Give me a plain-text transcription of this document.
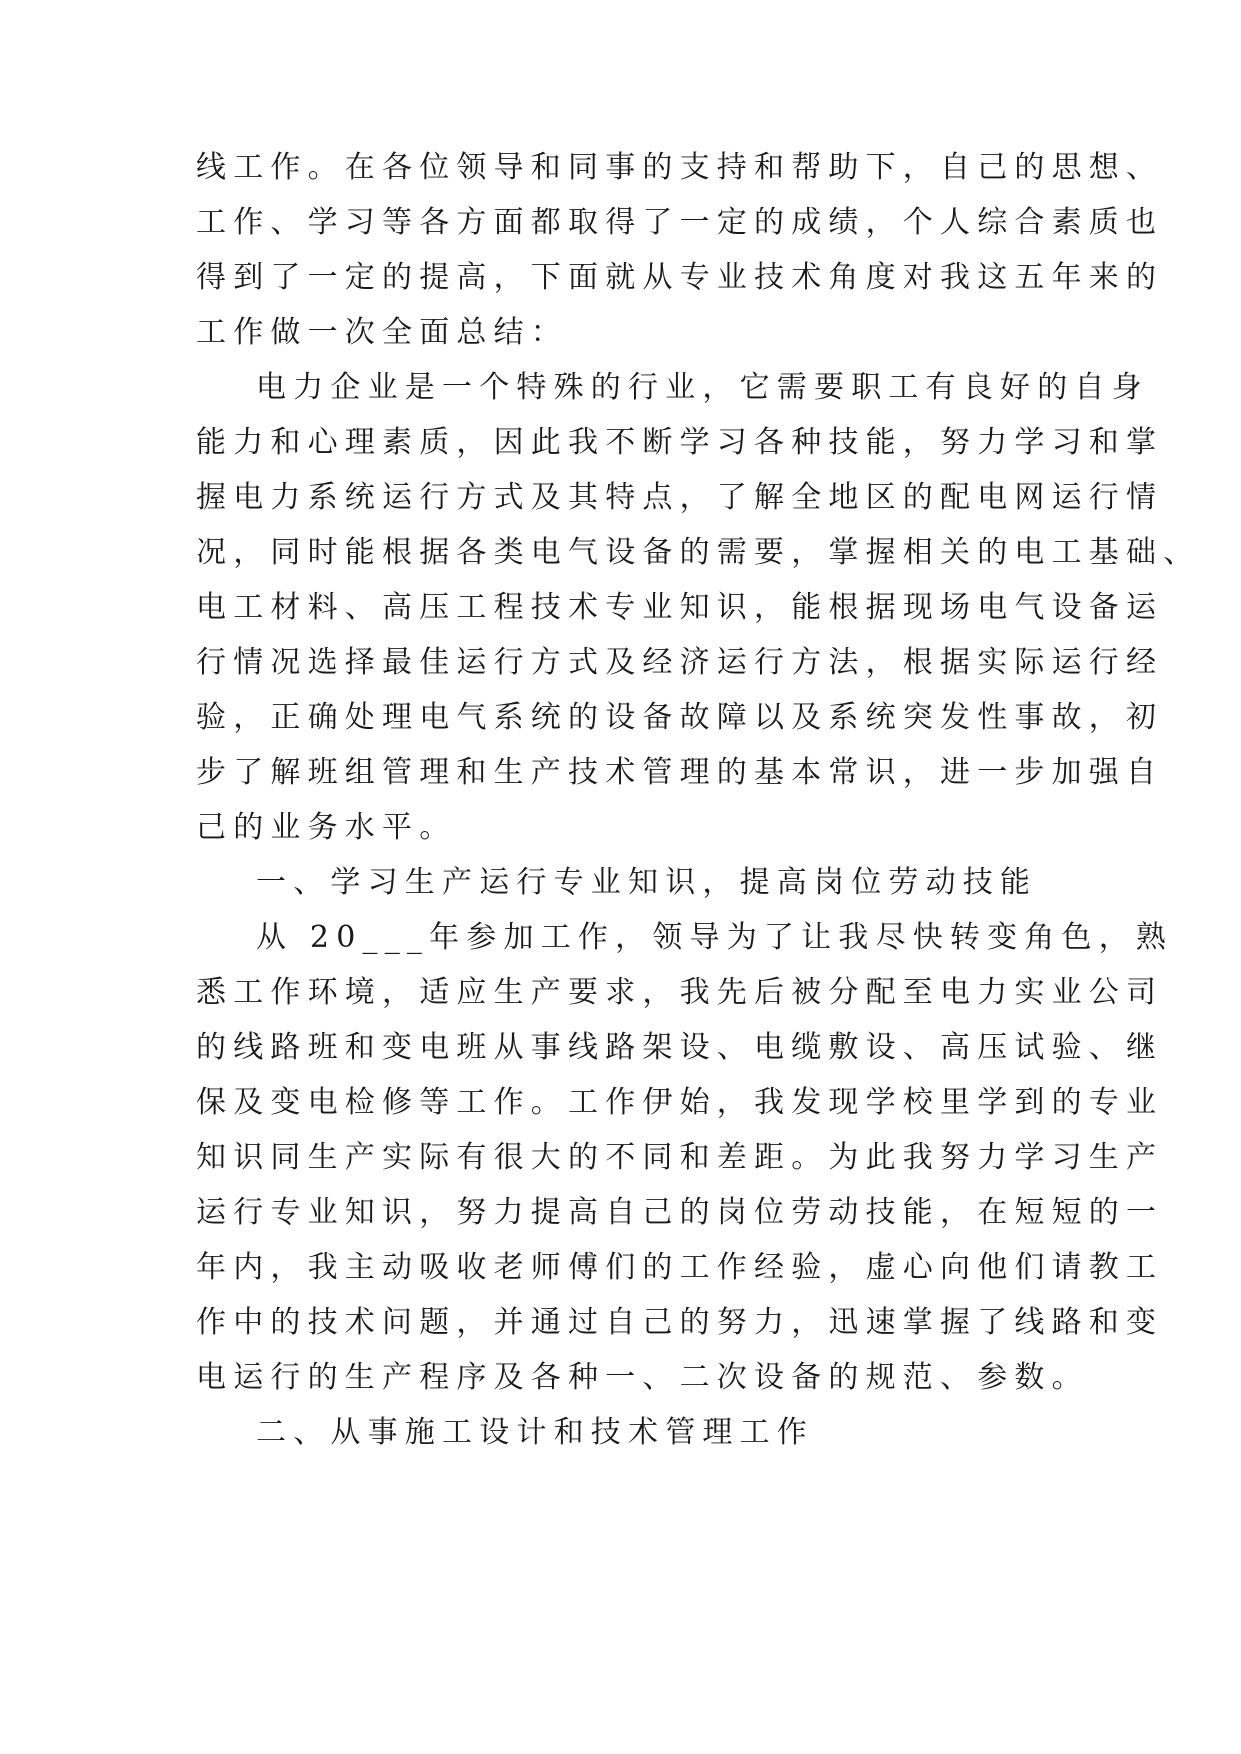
线工作。在各位领导和同事的支持和帮助下，自己的思想、
工作、学习等各方面都取得了一定的成绩，个人综合素质也
得到了一定的提高，下面就从专业技术角度对我这五年来的
工作做一次全面总结：
电力企业是一个特殊的行业，它需要职工有良好的自身
能力和心理素质，因此我不断学习各种技能，努力学习和掌
握电力系统运行方式及其特点，了解全地区的配电网运行情
况，同时能根据各类电气设备的需要，掌握相关的电工基础、
电工材料、高压工程技术专业知识，能根据现场电气设备运
行情况选择最佳运行方式及经济运行方法，根据实际运行经
验，正确处理电气系统的设备故障以及系统突发性事故，初
步了解班组管理和生产技术管理的基本常识，进一步加强自
己的业务水平。
一、学习生产运行专业知识，提高岗位劳动技能
从 20___年参加工作，领导为了让我尽快转变角色，熟
悉工作环境，适应生产要求，我先后被分配至电力实业公司
的线路班和变电班从事线路架设、电缆敷设、高压试验、继
保及变电检修等工作。工作伊始，我发现学校里学到的专业
知识同生产实际有很大的不同和差距。为此我努力学习生产
运行专业知识，努力提高自己的岗位劳动技能，在短短的一
年内，我主动吸收老师傅们的工作经验，虚心向他们请教工
作中的技术问题，并通过自己的努力，迅速掌握了线路和变
电运行的生产程序及各种一、二次设备的规范、参数。
二、从事施工设计和技术管理工作
